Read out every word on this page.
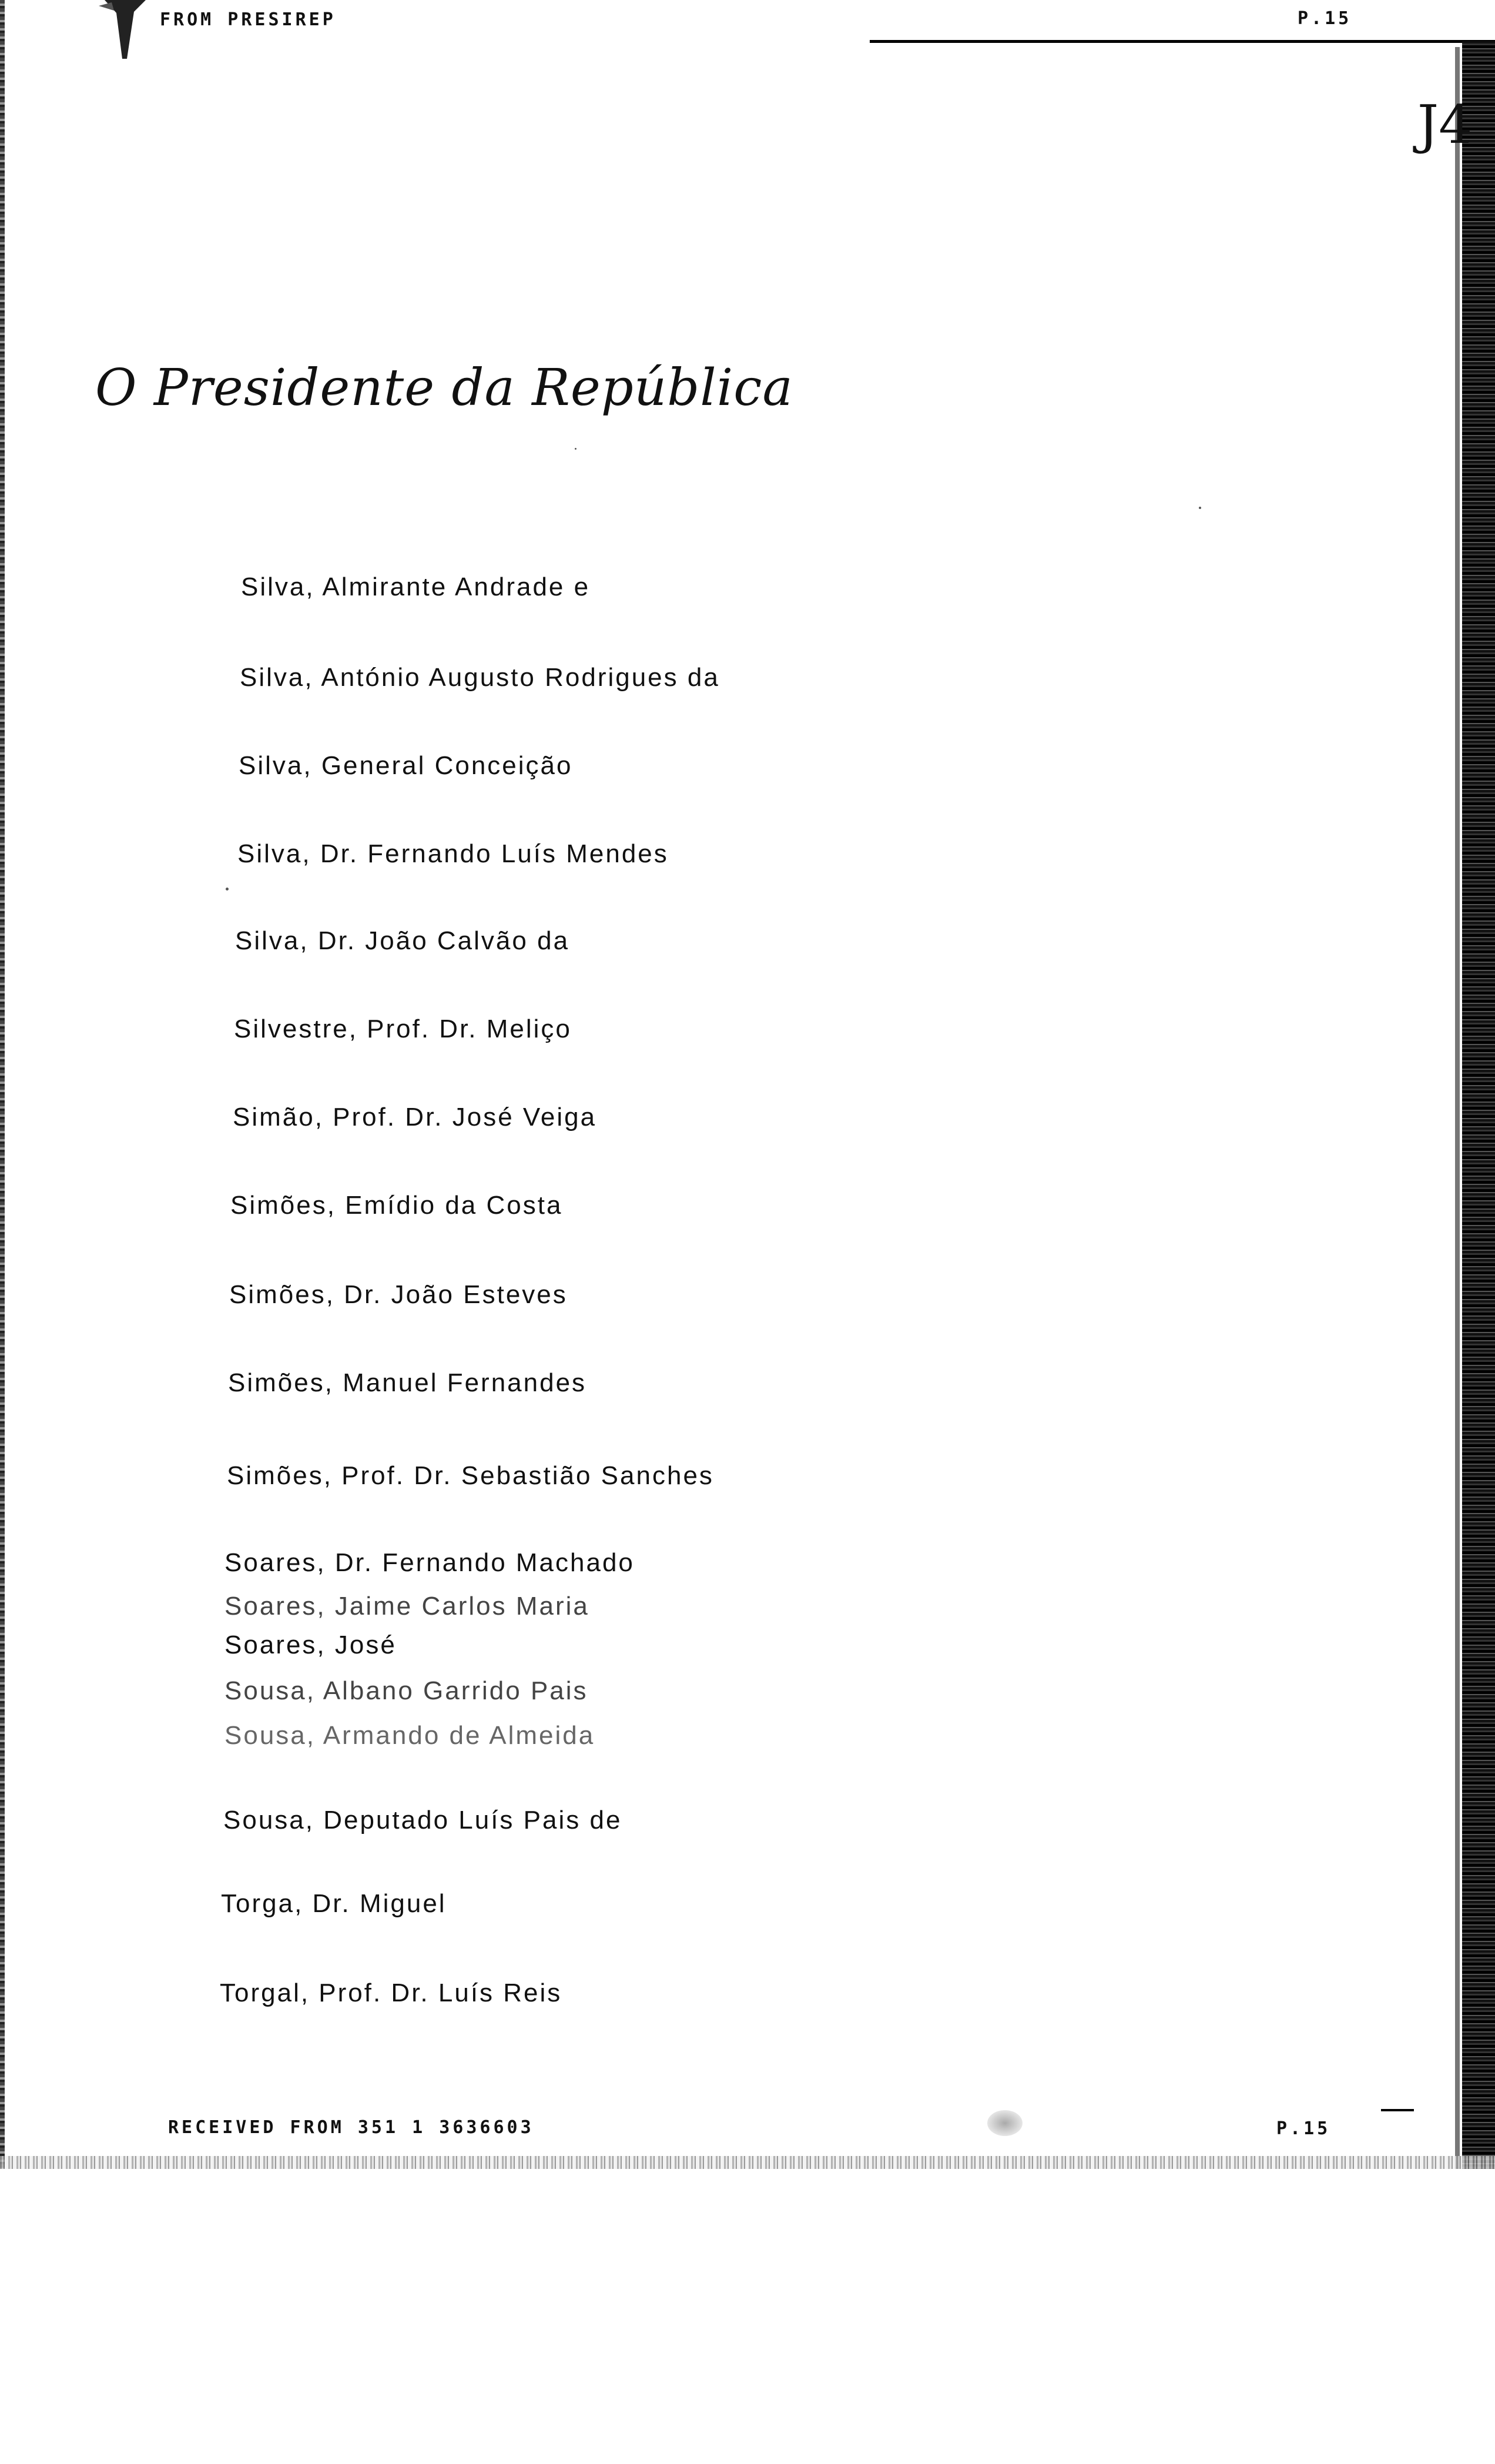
FROM PRESIREP	P.15
J4
O Presidente da República
Silva, Almirante Andrade e
Silva, António Augusto Rodrigues da
Silva, General Conceição
Silva, Dr. Fernando Luís Mendes
Silva, Dr. João Calvão da
Silvestre, Prof. Dr. Meliço
Simão, Prof. Dr. José Veiga
Simões, Emídio da Costa
Simões, Dr. João Esteves
Simões, Manuel Fernandes
Simões, Prof. Dr. Sebastião Sanches
Soares, Dr. Fernando Machado
Soares, Jaime Carlos Maria
Soares, José
Sousa, Albano Garrido Pais
Sousa, Armando de Almeida
Sousa, Deputado Luís Pais de
Torga, Dr. Miguel
Torgal, Prof. Dr. Luís Reis
RECEIVED FROM 351 1 3636603	P.15
